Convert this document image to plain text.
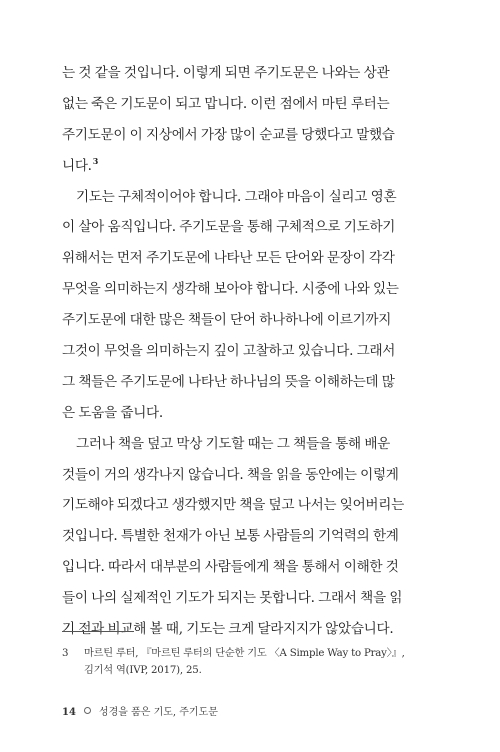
는 것 같을 것입니다. 이렇게 되면 주기도문은 나와는 상관
없는 죽은 기도문이 되고 맙니다. 이런 점에서 마틴 루터는
주기도문이 이 지상에서 가장 많이 순교를 당했다고 말했습
니다.$^3$
기도는 구체적이어야 합니다. 그래야 마음이 실리고 영혼
이 살아 움직입니다. 주기도문을 통해 구체적으로 기도하기
위해서는 먼저 주기도문에 나타난 모든 단어와 문장이 각각
무엇을 의미하는지 생각해 보아야 합니다. 시중에 나와 있는
주기도문에 대한 많은 책들이 단어 하나하나에 이르기까지
그것이 무엇을 의미하는지 깊이 고찰하고 있습니다. 그래서
그 책들은 주기도문에 나타난 하나님의 뜻을 이해하는데 많
은 도움을 줍니다.
그러나 책을 덮고 막상 기도할 때는 그 책들을 통해 배운
것들이 거의 생각나지 않습니다. 책을 읽을 동안에는 이렇게
기도해야 되겠다고 생각했지만 책을 덮고 나서는 잊어버리는
것입니다. 특별한 천재가 아닌 보통 사람들의 기억력의 한계
입니다. 따라서 대부분의 사람들에게 책을 통해서 이해한 것
들이 나의 실제적인 기도가 되지는 못합니다. 그래서 책을 읽
기 전과 비교해 볼 때, 기도는 크게 달라지지가 않았습니다.
3 마르틴 루터, 『마르틴 루터의 단순한 기도 〈A Simple Way to Pray〉』,
김기석 역(IVP, 2017), 25.
14 성경을 품은 기도, 주기도문
